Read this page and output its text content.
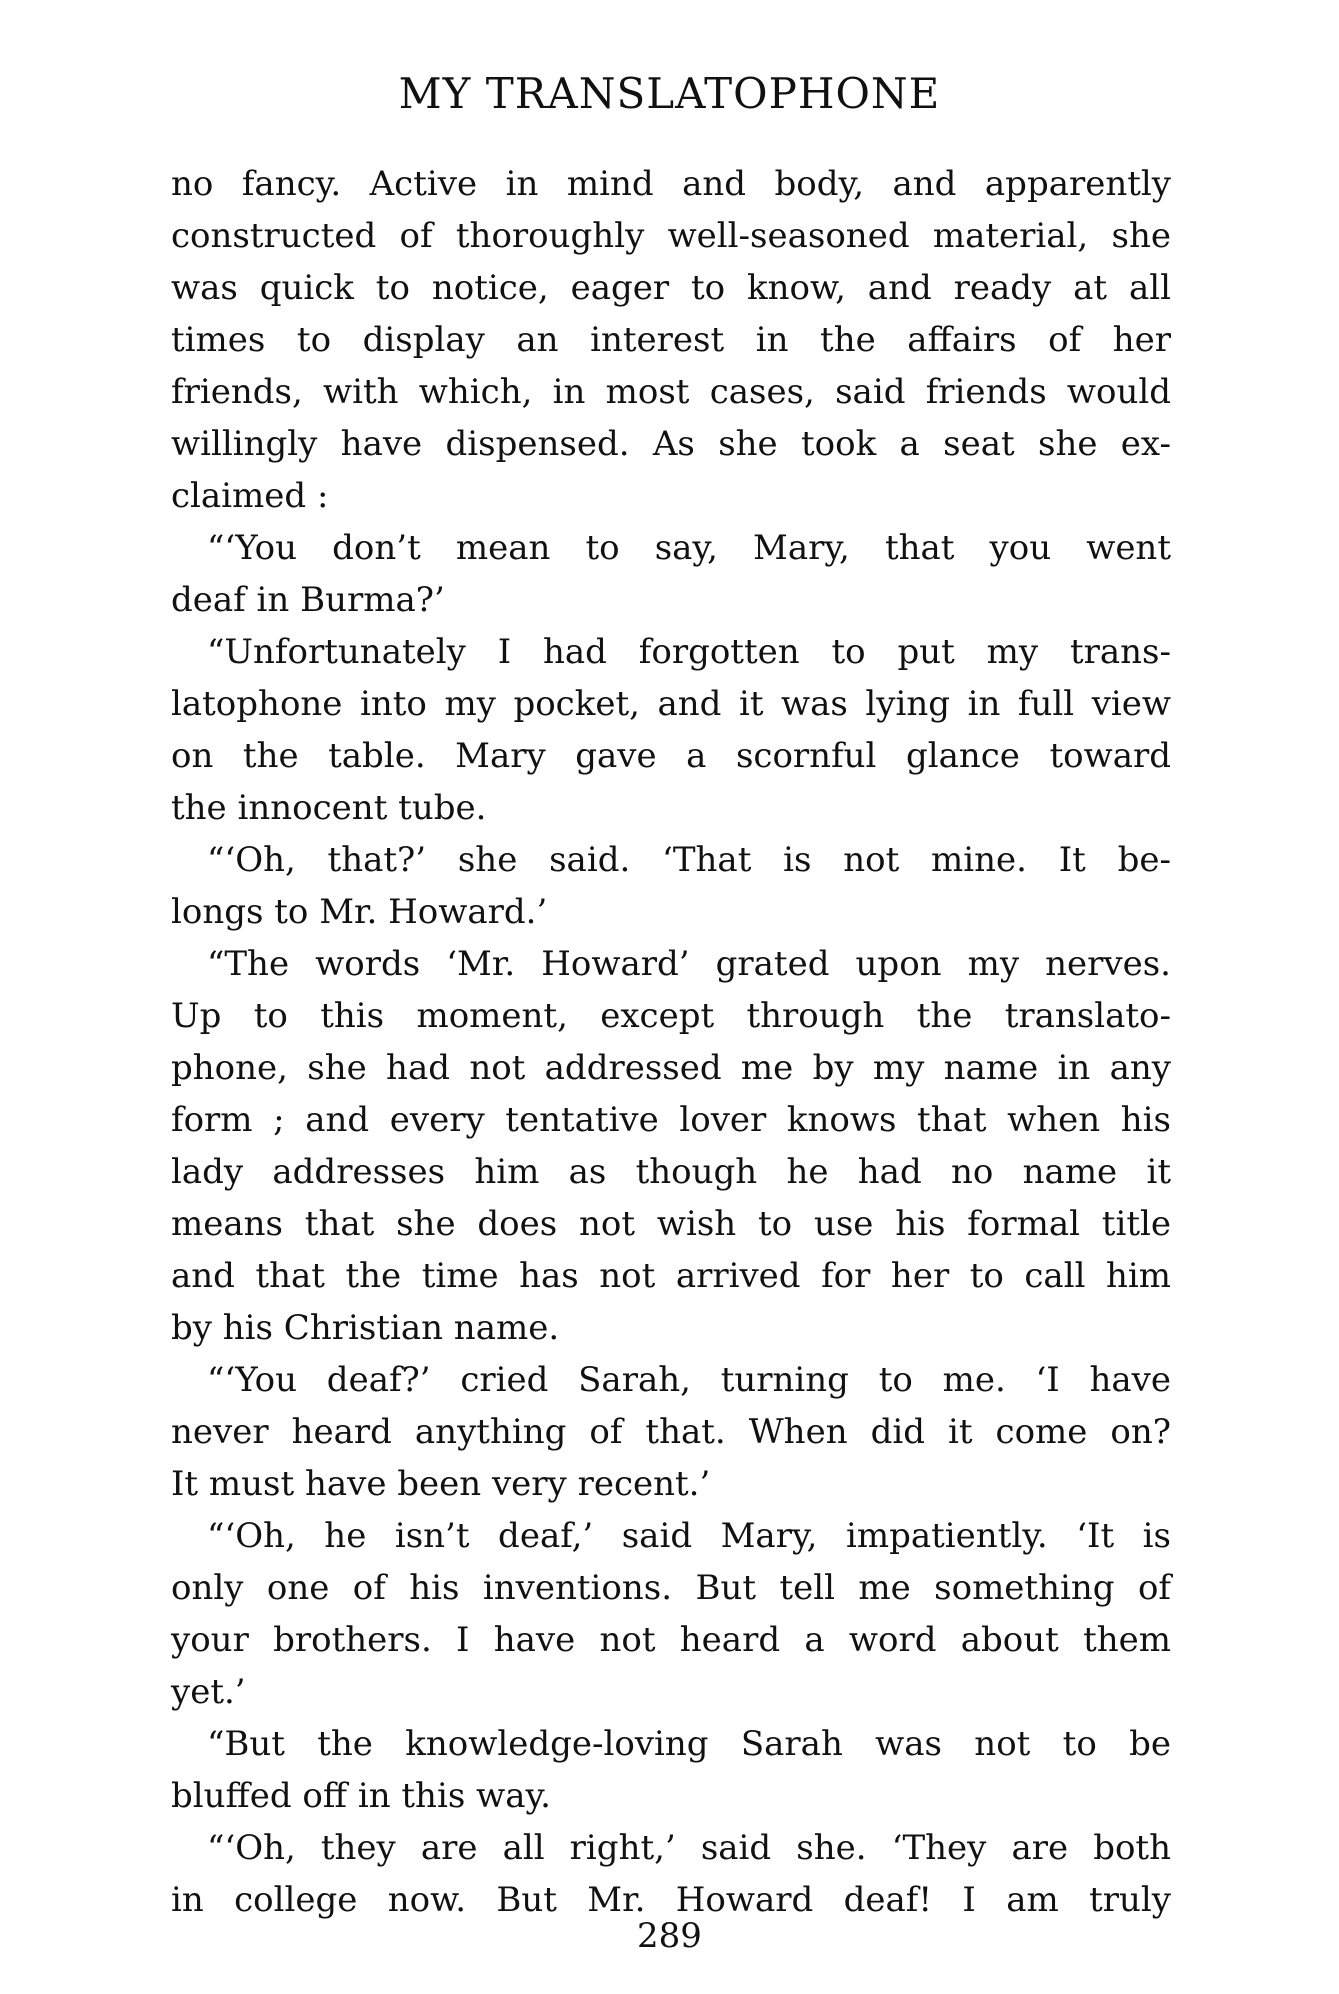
MY TRANSLATOPHONE

no fancy. Active in mind and body, and apparently
constructed of thoroughly well-seasoned material, she
was quick to notice, eager to know, and ready at all
times to display an interest in the affairs of her
friends, with which, in most cases, said friends would
willingly have dispensed. As she took a seat she ex-
claimed :

“‘You don’t mean to say, Mary, that you went
deaf in Burma?’

“Unfortunately I had forgotten to put my trans-
latophone into my pocket, and it was lying in full view
on the table. Mary gave a scornful glance toward
the innocent tube.

“‘Oh, that?’ she said. ‘That is not mine. It be-
longs to Mr. Howard.’

“The words ‘Mr. Howard’ grated upon my nerves.
Up to this moment, except through the translato-
phone, she had not addressed me by my name in any
form ; and every tentative lover knows that when his
lady addresses him as though he had no name it
means that she does not wish to use his formal title
and that the time has not arrived for her to call him
by his Christian name.

“‘You deaf?’ cried Sarah, turning to me. ‘I have
never heard anything of that. When did it come on?
It must have been very recent.’

“‘Oh, he isn’t deaf,’ said Mary, impatiently. ‘It is
only one of his inventions. But tell me something of
your brothers. I have not heard a word about them
yet.’

“But the knowledge-loving Sarah was not to be
bluffed off in this way.

“‘Oh, they are all right,’ said she. ‘They are both
in college now. But Mr. Howard deaf! I am truly

289
